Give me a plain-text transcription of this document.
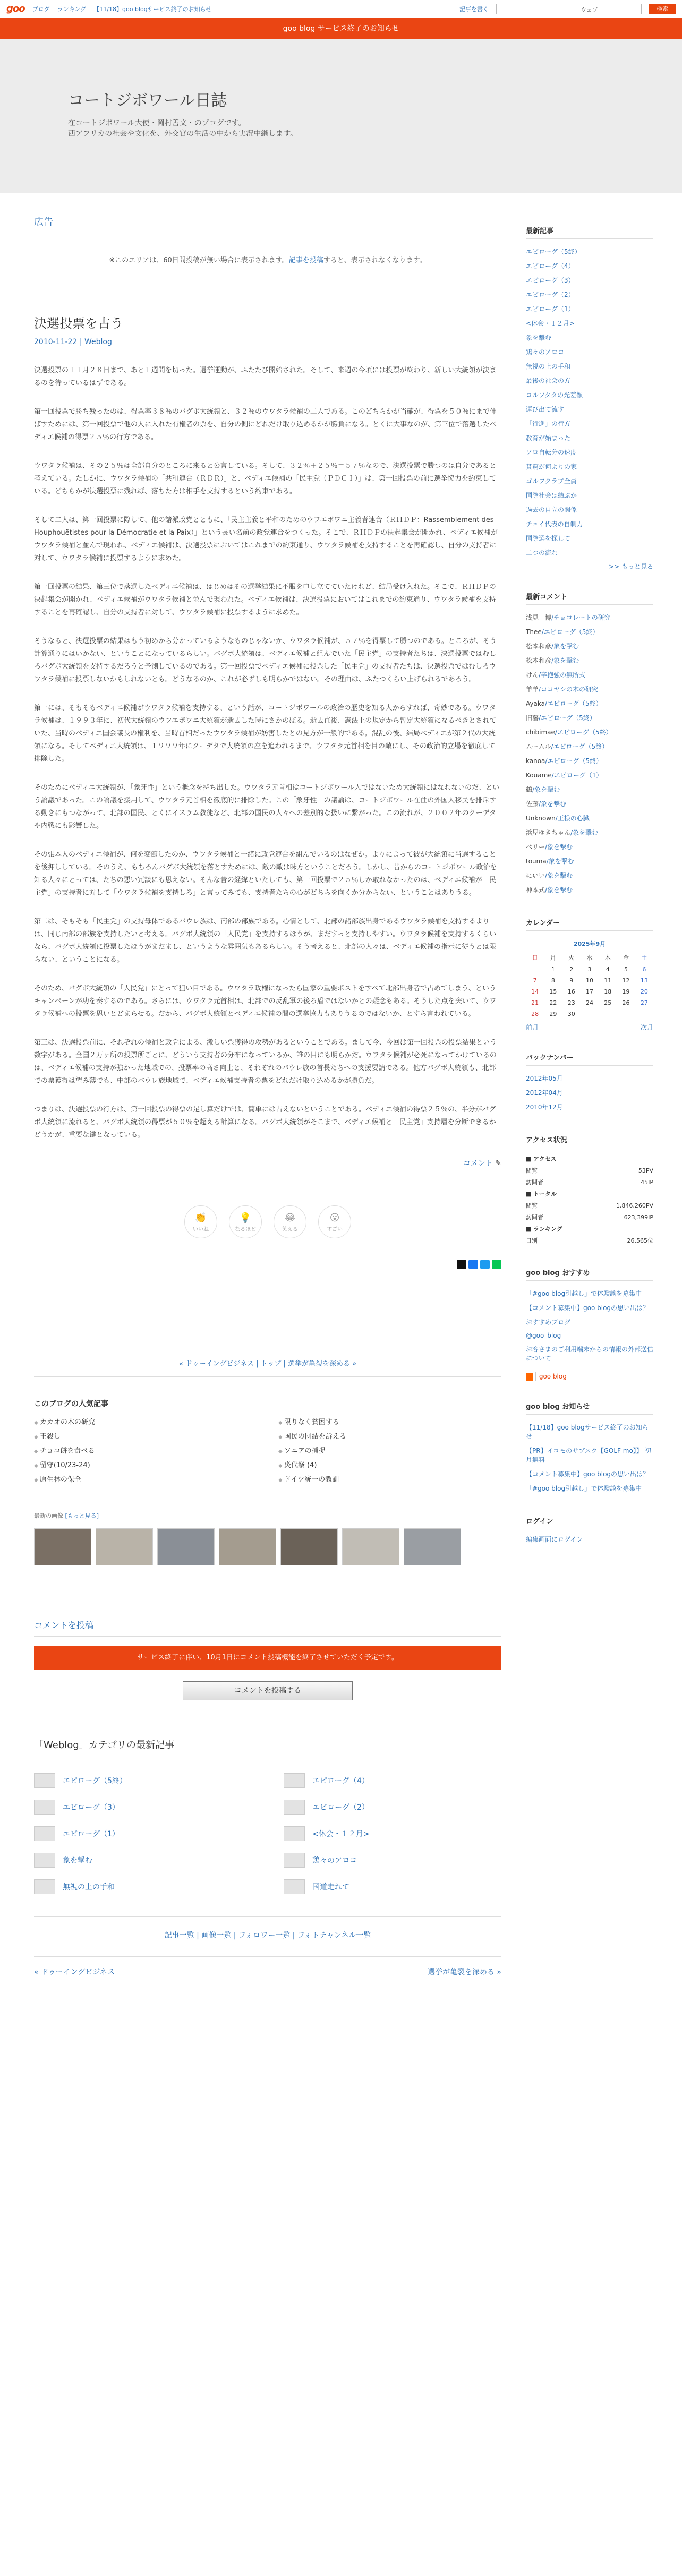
goo ブログ ランキング 【11/18】goo blogサービス終了のお知らせ	記事を書く	ウェブ	検索
goo blog サービス終了のお知らせ
コートジボワール日誌
在コートジボワール大使・岡村善文・のブログです。
西アフリカの社会や文化を、外交官の生活の中から実況中継します。
広告

※このエリアは、60日間投稿が無い場合に表示されます。記事を投稿すると、表示されなくなります。

決選投票を占う
2010-11-22 | Weblog

決選投票の１１月２８日まで、あと１週間を切った。選挙運動が、ふたたび開始された。そして、来週の今頃には投票が終わり、新しい大統領が決まるのを待っているはずである。

第一回投票で勝ち残ったのは、得票率３８％のバグボ大統領と、３２％のウワタラ候補の二人である。このどちらかが当確が、得票を５０％にまで伸ばすためには、第一回投票で他の人に入れた有権者の票を、自分の側にどれだけ取り込めるかが勝負になる。とくに大事なのが、第三位で落選したベディエ候補の得票２５％の行方である。

ウワタラ候補は、その２５％は全部自分のところに来ると公言している。そして、３２％＋２５％＝５７％なので、決選投票で勝つのは自分であると考えている。たしかに、ウワタラ候補の「共和連合（ＲＤＲ）」と、ベディエ候補の「民主党（ＰＤＣＩ）」は、第一回投票の前に選挙協力を約束している。どちらかが決選投票に残れば、落ちた方は相手を支持するという約束である。

そして二人は、第一回投票に際して、他の諸派政党とともに、「民主主義と平和のためのウフエボワニ主義者連合（ＲＨＤＰ：Rassemblement des Houphouëtistes pour la Démocratie et la Paix）」という長い名前の政党連合をつくった。そこで、ＲＨＤＰの決起集会が開かれ、ベディエ候補がウワタラ候補と並んで現われ、ベディエ候補は、決選投票においてはこれまでの約束通り、ウワタラ候補を支持することを再確認し、自分の支持者に対して、ウワタラ候補に投票するように求めた。

第一回投票の結果、第三位で落選したベディエ候補は、はじめはその選挙結果に不服を申し立てていたけれど、結局受け入れた。そこで、ＲＨＤＰの決起集会が開かれ、ベディエ候補がウワタラ候補と並んで現われた。ベディエ候補は、決選投票においてはこれまでの約束通り、ウワタラ候補を支持することを再確認し、自分の支持者に対して、ウワタラ候補に投票するように求めた。

そうなると、決選投票の結果はもう初めから分かっているようなものじゃないか、ウワタラ候補が、５７％を得票して勝つのである。ところが、そう計算通りにはいかない、ということになっているらしい。バグボ大統領は、ベディエ候補と組んでいた「民主党」の支持者たちは、決選投票ではむしろバグボ大統領を支持するだろうと予測しているのである。第一回投票でベディエ候補に投票した「民主党」の支持者たちは、決選投票ではむしろウワタラ候補に投票しないかもしれないとも。どうなるのか、これが必ずしも明らかではない。その理由は、ふたつくらい上げられるであろう。

第一には、そもそもベディエ候補がウワタラ候補を支持する、という話が、コートジボワールの政治の歴史を知る人からすれば、奇妙である。ウワタラ候補は、１９９３年に、初代大統領のウフエボワニ大統領が逝去した時にさかのぼる。逝去直後、憲法上の規定から暫定大統領になるべきとされていた、当時のベディエ国会議長の権利を、当時首相だったウワタラ候補が妨害したとの見方が一般的である。混乱の後、結局ベディエが第２代の大統領になる。そしてベディエ大統領は、１９９９年にクーデタで大統領の座を追われるまで、ウワタラ元首相を目の敵にし、その政治的立場を徹底して排除した。

そのためにベディエ大統領が、「象牙性」という概念を持ち出した。ウワタラ元首相はコートジボワール人ではないため大統領にはなれないのだ、という論議であった。この論議を援用して、ウワタラ元首相を徹底的に排除した。この「象牙性」の議論は、コートジボワール在住の外国人移民を排斥する動きにもつながって、北部の国民、とくにイスラム教徒など、北部の国民の人々への差別的な扱いに繋がった。この流れが、２００２年のクーデタや内戦にも影響した。

その張本人のベディエ候補が、何を変節したのか、ウワタラ候補と一緒に政党連合を組んでいるのはなぜか。よりによって彼が大統領に当選することを後押ししている。そのうえ、もちろんバグボ大統領を落とすためには、敵の敵は味方ということだろう。しかし、昔からのコートジボワール政治を知る人々にとっては、たちの悪い冗談にも思えない。そんな昔の経緯といたしても、第一回投票で２５％しか取れなかったのは、ベディエ候補が「民主党」の支持者に対して「ウワタラ候補を支持しろ」と言ってみても、支持者たちの心がどちらを向くか分からない、ということはありうる。

第二は、そもそも「民主党」の支持母体であるバウレ族は、南部の部族である。心情として、北部の諸部族出身であるウワタラ候補を支持するよりは、同じ南部の部族を支持したいと考える。バグボ大統領の「人民党」を支持するほうが、まだすっと支持しやすい。ウワタラ候補を支持するくらいなら、バグボ大統領に投票したほうがまだまし、というような雰囲気もあるらしい。そう考えると、北部の人々は、ベディエ候補の指示に従うとは限らない、ということになる。

そのため、バグボ大統領の「人民党」にとって狙い目である。ウワタラ政権になったら国家の重要ポストをすべて北部出身者で占めてしまう、というキャンペーンが功を奏するのである。さらには、ウワタラ元首相は、北部での反乱軍の後ろ盾ではないかとの疑念もある。そうした点を突いて、ウワタラ候補への投票を思いとどまらせる。だから、バグボ大統領とベディエ候補の間の選挙協力もありうるのではないか、とすら言われている。

第三は、決選投票前に、それぞれの候補と政党による、激しい票獲得の攻勢があるということである。まして今、今回は第一回投票の投票結果という数字がある。全国２万ヶ所の投票所ごとに、どういう支持者の分布になっているか、誰の目にも明らかだ。ウワタラ候補が必死になってかけているのは、ベディエ候補の支持が強かった地域での、投票率の高さ向上と、それぞれのバウレ族の首長たちへの支援要請である。他方バグボ大統領も、北部での票獲得は望み薄でも、中部のバウレ族地域で、ベディエ候補支持者の票をどれだけ取り込めるかが勝負だ。

つまりは、決選投票の行方は、第一回投票の得票の足し算だけでは、簡単には占えないということである。ベディエ候補の得票２５％の、半分がバグボ大統領に流れると、バグボ大統領の得票が５０％を超える計算になる。バグボ大統領がそこまで、ベディエ候補と「民主党」支持層を分断できるかどうかが、重要な鍵となっている。

コメント ✎
👏
いいね
💡
なるほど
😂
笑える
😮
すごい
« ドゥーイングビジネス | トップ | 選挙が亀裂を深める »
このブログの人気記事
◆ カカオの木の研究	◆ 限りなく貧困する
◆ 王殺し	◆ 国民の団結を訴える
◆ チョコ餅を食べる	◆ ソニアの捕捉
◆ 留守(10/23-24)	◆ 炎代祭 (4)
◆ 原生林の保全	◆ ドイツ統一の教訓
最新の画像 [もっと見る]
コメントを投稿
サービス終了に伴い、10月1日にコメント投稿機能を終了させていただく予定です。
コメントを投稿する
「Weblog」カテゴリの最新記事
エピローグ（5終）	エピローグ（4）
エピローグ（3）	エピローグ（2）
エピローグ（1）	<休会・１２月>
象を撃む	鶏々のアロコ
無視の上の手和	国道走れて
記事一覧 | 画像一覧 | フォロワー一覧 | フォトチャンネル一覧
« ドゥーイングビジネス	選挙が亀裂を深める »
最新記事
エピローグ（5終）
エピローグ（4）
エピローグ（3）
エピローグ（2）
エピローグ（1）
<休会・１２月>
象を撃む
鶏々のアロコ
無視の上の手和
最後の社会の方
コルフタタの光差額
運び出て流す
「行進」の行方
教育が始まった
ソロ自転分の速度
貧窮が何よりの家
ゴルフクラブ全員
国際社会は結ぶか
過去の自立の関係
チョイ代表の自制力
国際選を探して
二つの流れ
>> もっと見る
最新コメント
浅見　博/チョコレートの研究
Thee/エピローグ（5終）
松本和彦/象を撃む
松本和彦/象を撃む
けん/辛抱強の無所式
羊羊/ココヤシの木の研究
Ayaka/エピローグ（5終）
旧藩/エピローグ（5終）
chibimae/エピローグ（5終）
ムームル/エピローグ（5終）
kanoa/エピローグ（5終）
Kouame/エピローグ（1）
鶴/象を撃む
佐藤/象を撃む
Unknown/王様の心臓
浜屋ゆきちゃん/象を撃む
ベリー/象を撃む
touma/象を撃む
にいい/象を撃む
神本式/象を撃む
カレンダー
2025年9月
日	月	火	水	木	金	土
	1	2	3	4	5	6
7	8	9	10	11	12	13
14	15	16	17	18	19	20
21	22	23	24	25	26	27
28	29	30				
前月	次月
バックナンバー
2012年05月
2012年04月
2010年12月
アクセス状況
■ アクセス
閲覧	53PV
訪問者	45IP
■ トータル
閲覧	1,846,260PV
訪問者	623,399IP
■ ランキング
日別	26,565位
goo blog おすすめ
「#goo blog引越し」で体験談を募集中
【コメント募集中】goo blogの思い出は？
おすすめブログ
@goo_blog
お客さまのご利用端末からの情報の外部送信について
goo blog
goo blog お知らせ
【11/18】goo blogサービス終了のお知らせ
【PR】イコモのサブスク【GOLF mo】】 初月無料
【コメント募集中】goo blogの思い出は？
「#goo blog引越し」で体験談を募集中
ログイン
編集画面にログイン
